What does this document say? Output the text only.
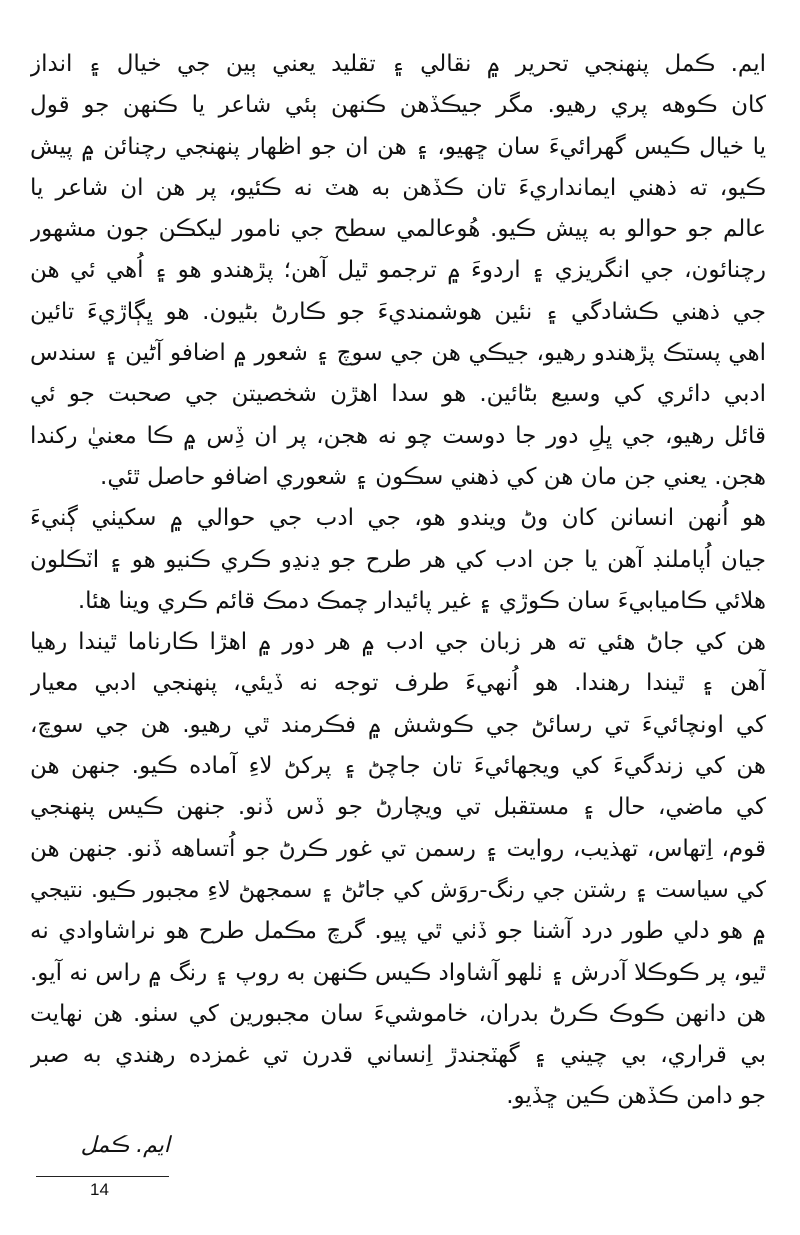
ايم. ڪمل پنهنجي تحرير ۾ نقالي ۽ تقليد يعني ٻين جي خيال ۽ انداز
کان ڪوهه پري رهيو. مگر جيڪڏهن ڪنهن ٻئي شاعر يا ڪنهن جو قول
يا خيال ڪيس گهرائيءَ سان ڇهيو، ۽ هن ان جو اظهار پنهنجي رچنائن ۾ پيش
ڪيو، ته ذهني ايمانداريءَ تان ڪڏهن به هٽ نه ڪئيو، پر هن ان شاعر يا
عالم جو حوالو به پيش ڪيو. هُوعالمي سطح جي نامور ليکڪن جون مشهور
رچنائون، جي انگريزي ۽ اردوءَ ۾ ترجمو ٿيل آهن؛ پڙهندو هو ۽ اُهي ئي هن
جي ذهني ڪشادگي ۽ نئين هوشمنديءَ جو ڪارڻ بڻيون. هو ڀڳاڙيءَ تائين
اهي پستڪ پڙهندو رهيو، جيڪي هن جي سوچ ۽ شعور ۾ اضافو آڻين ۽ سندس
ادبي دائري کي وسيع بڻائين. هو سدا اهڙن شخصيتن جي صحبت جو ئي
قائل رهيو، جي ڀلِ دور جا دوست چو نه هجن، پر ان ڏِس ۾ ڪا معنيٰ رکندا
هجن. يعني جن مان هن کي ذهني سڪون ۽ شعوري اضافو حاصل ٿئي.
هو اُنهن انسانن کان وڻ ويندو هو، جي ادب جي حوالي ۾ سکيٺي ڳنيءَ
جيان اُپاملنڊ آهن يا جن ادب کي هر طرح جو ڍنڍو ڪري ڪنيو هو ۽ اٽڪلون
هلائي ڪاميابيءَ سان ڪوڙي ۽ غير پائيدار چمڪ دمڪ قائم ڪري وينا هئا.
هن کي جاڻ هئي ته هر زبان جي ادب ۾ هر دور ۾ اهڙا ڪارناما ٿيندا رهيا
آهن ۽ ٿيندا رهندا. هو اُنهيءَ طرف توجه نه ڏيئي، پنهنجي ادبي معيار
کي اونچائيءَ تي رسائڻ جي ڪوشش ۾ فڪرمند ٿي رهيو. هن جي سوچ،
هن کي زندگيءَ کي ويجهائيءَ تان جاچڻ ۽ پرکڻ لاءِ آماده ڪيو. جنهن هن
کي ماضي، حال ۽ مستقبل تي ويچارڻ جو ڏس ڏنو. جنهن ڪيس پنهنجي
قوم، اِتهاس، تهذيب، روايت ۽ رسمن تي غور ڪرڻ جو اُتساهه ڏنو. جنهن هن
کي سياست ۽ رشتن جي رنگ-روَش کي جاڻڻ ۽ سمجهڻ لاءِ مجبور ڪيو. نتيجي
۾ هو دلي طور درد آشنا جو ڏٺي ٿي پيو. گرچ مڪمل طرح هو نراشاوادي نه
ٿيو، پر ڪوڪلا آدرش ۽ ٺلهو آشاواد ڪيس ڪنهن به روپ ۽ رنگ ۾ راس نه آيو.
هن دانهن ڪوڪ ڪرڻ بدران، خاموشيءَ سان مجبورين کي سٺو. هن نهايت
بي قراري، بي چيني ۽ گهٽجندڙ اِنساني قدرن تي غمزده رهندي به صبر
جو دامن ڪڏهن ڪين ڇڏيو.
ايم. ڪمل
14
